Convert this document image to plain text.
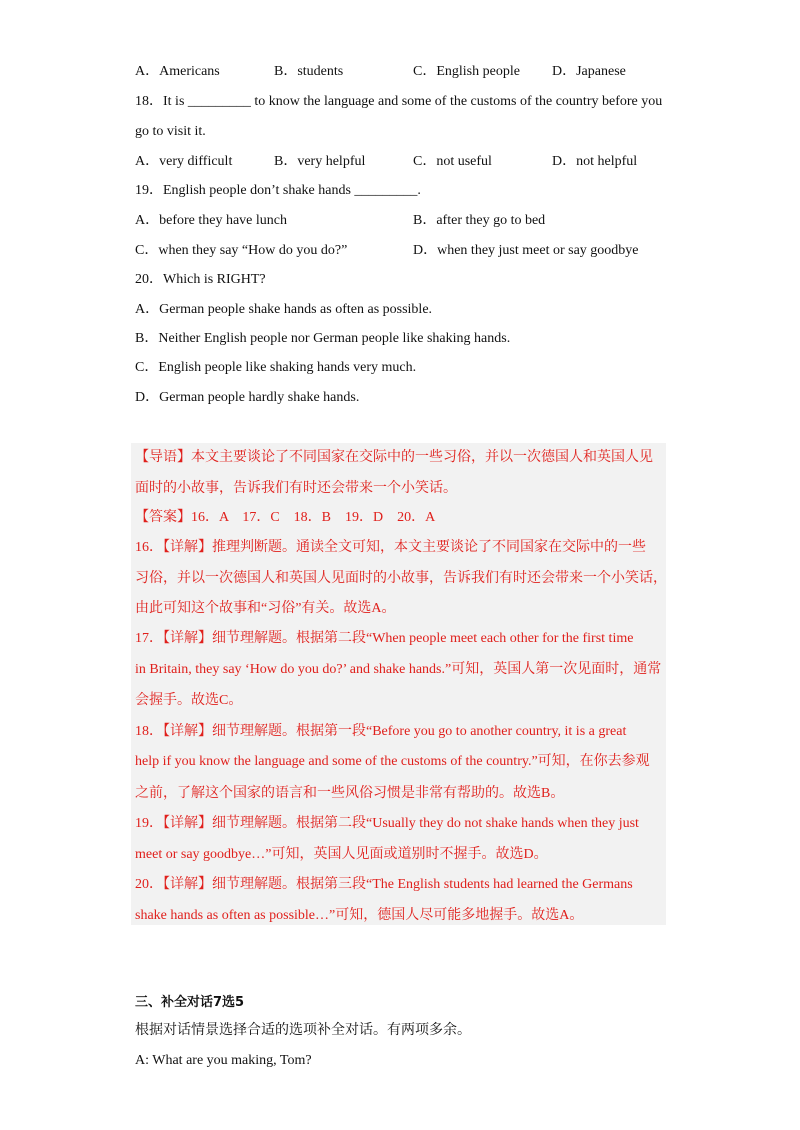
A．Americans	B．students	C．English people D．Japanese
18．It is _________ to know the language and some of the customs of the country before you
go to visit it.
A．very difficult	B．very helpful	C．not useful	D．not helpful
19．English people don’t shake hands _________.
A．before they have lunch	B．after they go to bed
C．when they say “How do you do?”	D．when they just meet or say goodbye
20．Which is RIGHT?
A．German people shake hands as often as possible.
B．Neither English people nor German people like shaking hands.
C．English people like shaking hands very much.
D．German people hardly shake hands.
【导语】本文主要谈论了不同国家在交际中的一些习俗，并以一次德国人和英国人见
面时的小故事，告诉我们有时还会带来一个小笑话。
【答案】16．A　17．C　18．B　19．D　20．A
16．【详解】推理判断题。通读全文可知，本文主要谈论了不同国家在交际中的一些
习俗，并以一次德国人和英国人见面时的小故事，告诉我们有时还会带来一个小笑话，
由此可知这个故事和“习俗”有关。故选A。
17．【详解】细节理解题。根据第二段“When people meet each other for the first time
in Britain, they say ‘How do you do?’ and shake hands.”可知，英国人第一次见面时，通常
会握手。故选C。
18．【详解】细节理解题。根据第一段“Before you go to another country, it is a great
help if you know the language and some of the customs of the country.”可知，在你去参观
之前，了解这个国家的语言和一些风俗习惯是非常有帮助的。故选B。
19．【详解】细节理解题。根据第二段“Usually they do not shake hands when they just
meet or say goodbye…”可知，英国人见面或道别时不握手。故选D。
20．【详解】细节理解题。根据第三段“The English students had learned the Germans
shake hands as often as possible…”可知，德国人尽可能多地握手。故选A。
三、补全对话7选5
根据对话情景选择合适的选项补全对话。有两项多余。
A: What are you making, Tom?
